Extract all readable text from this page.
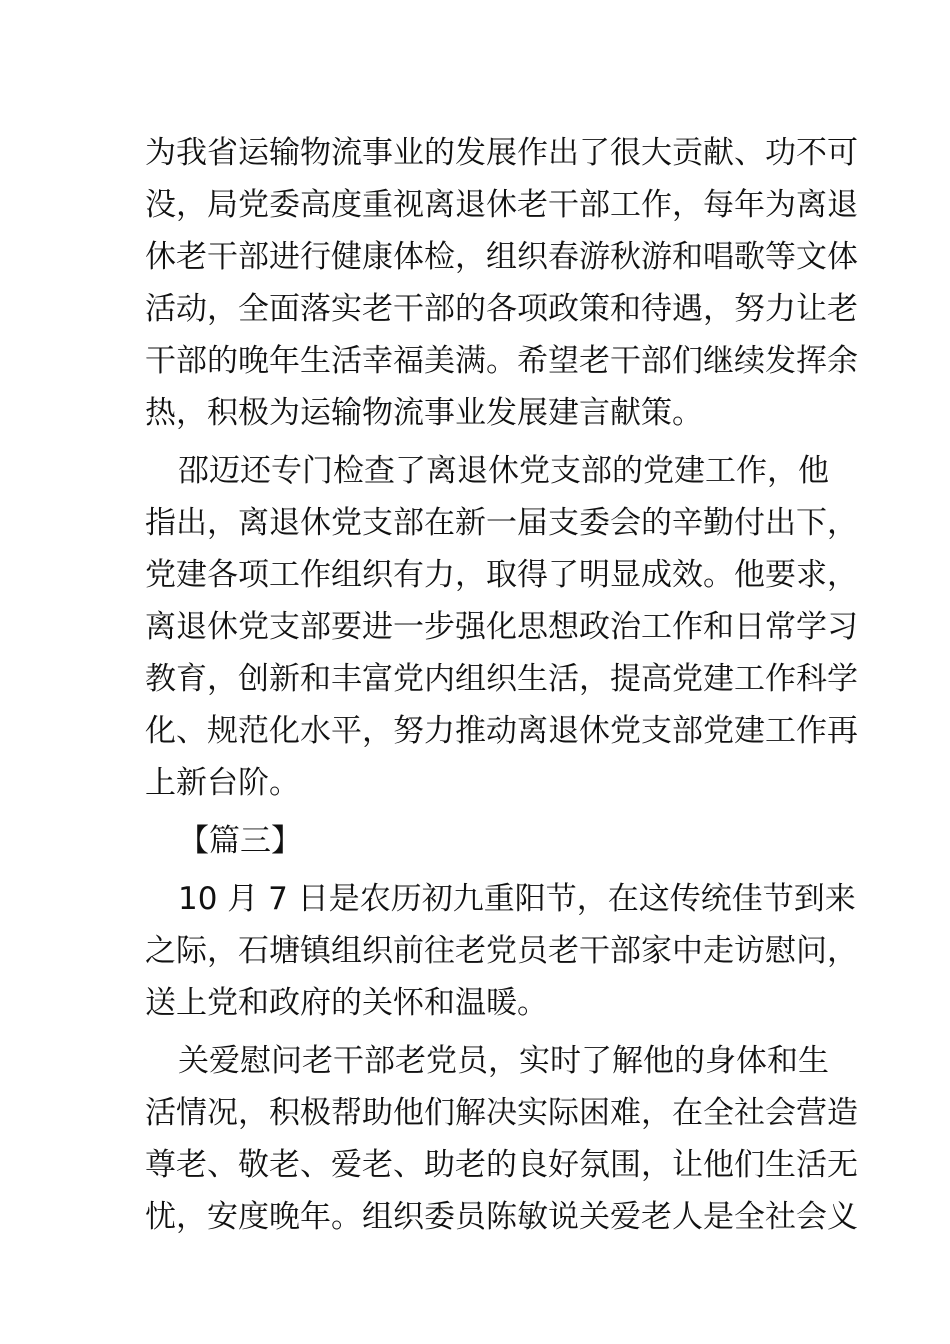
为我省运输物流事业的发展作出了很大贡献、功不可
没，局党委高度重视离退休老干部工作，每年为离退
休老干部进行健康体检，组织春游秋游和唱歌等文体
活动，全面落实老干部的各项政策和待遇，努力让老
干部的晚年生活幸福美满。希望老干部们继续发挥余
热，积极为运输物流事业发展建言献策。
邵迈还专门检查了离退休党支部的党建工作，他
指出，离退休党支部在新一届支委会的辛勤付出下，
党建各项工作组织有力，取得了明显成效。他要求，
离退休党支部要进一步强化思想政治工作和日常学习
教育，创新和丰富党内组织生活，提高党建工作科学
化、规范化水平，努力推动离退休党支部党建工作再
上新台阶。
【篇三】
10 月 7 日是农历初九重阳节，在这传统佳节到来
之际，石塘镇组织前往老党员老干部家中走访慰问，
送上党和政府的关怀和温暖。
关爱慰问老干部老党员，实时了解他的身体和生
活情况，积极帮助他们解决实际困难，在全社会营造
尊老、敬老、爱老、助老的良好氛围，让他们生活无
忧，安度晚年。组织委员陈敏说关爱老人是全社会义
